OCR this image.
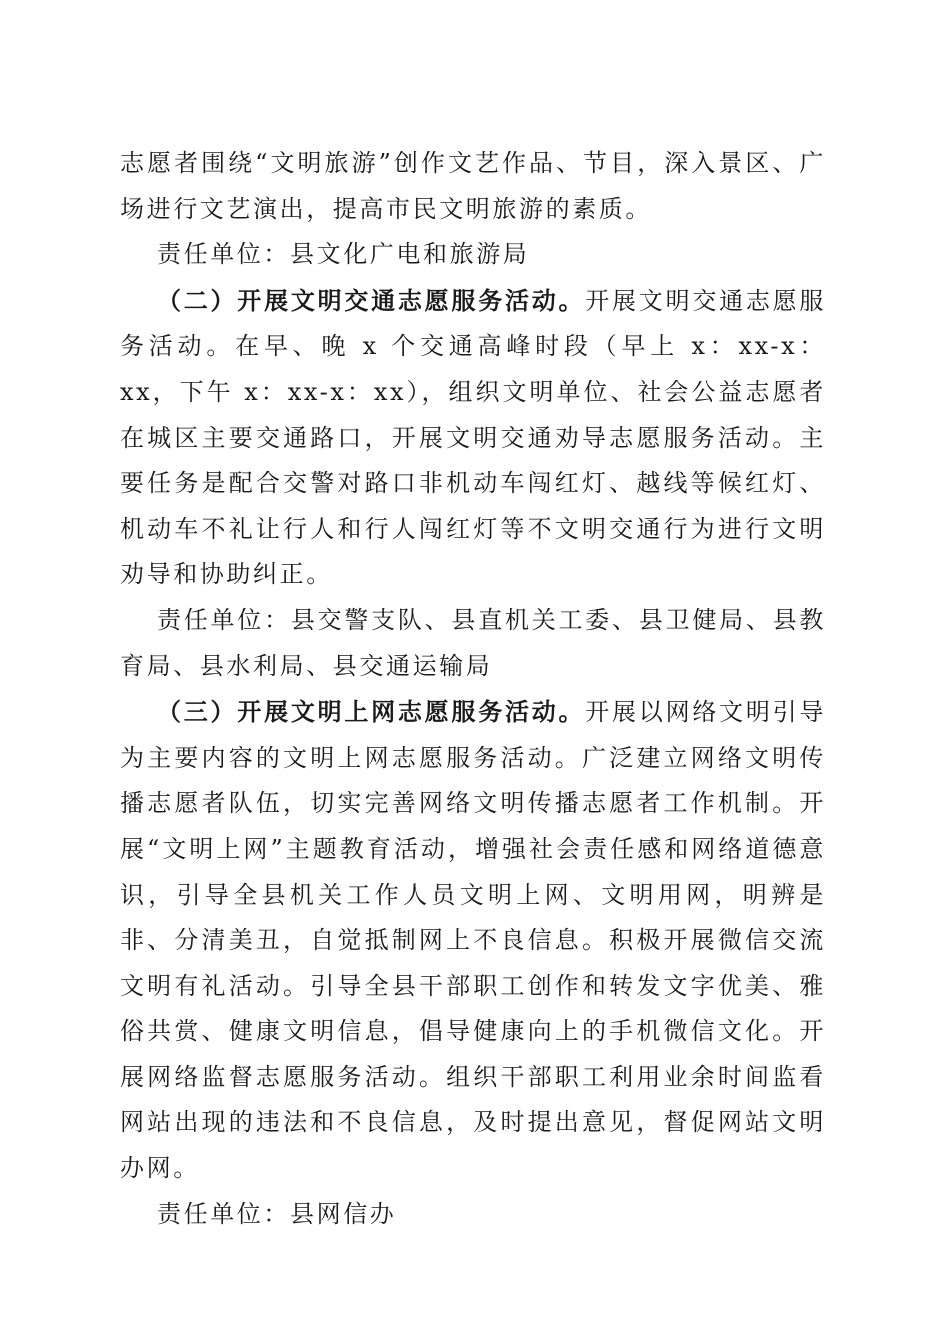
志愿者围绕“文明旅游”创作文艺作品、节目，深入景区、广场进行文艺演出，提高市民文明旅游的素质。

责任单位：县文化广电和旅游局

（二）开展文明交通志愿服务活动。开展文明交通志愿服务活动。在早、晚 x 个交通高峰时段（早上 x：xx-x：xx，下午 x：xx-x：xx），组织文明单位、社会公益志愿者在城区主要交通路口，开展文明交通劝导志愿服务活动。主要任务是配合交警对路口非机动车闯红灯、越线等候红灯、机动车不礼让行人和行人闯红灯等不文明交通行为进行文明劝导和协助纠正。

责任单位：县交警支队、县直机关工委、县卫健局、县教育局、县水利局、县交通运输局

（三）开展文明上网志愿服务活动。开展以网络文明引导为主要内容的文明上网志愿服务活动。广泛建立网络文明传播志愿者队伍，切实完善网络文明传播志愿者工作机制。开展“文明上网”主题教育活动，增强社会责任感和网络道德意识，引导全县机关工作人员文明上网、文明用网，明辨是非、分清美丑，自觉抵制网上不良信息。积极开展微信交流文明有礼活动。引导全县干部职工创作和转发文字优美、雅俗共赏、健康文明信息，倡导健康向上的手机微信文化。开展网络监督志愿服务活动。组织干部职工利用业余时间监看网站出现的违法和不良信息，及时提出意见，督促网站文明办网。

责任单位：县网信办
